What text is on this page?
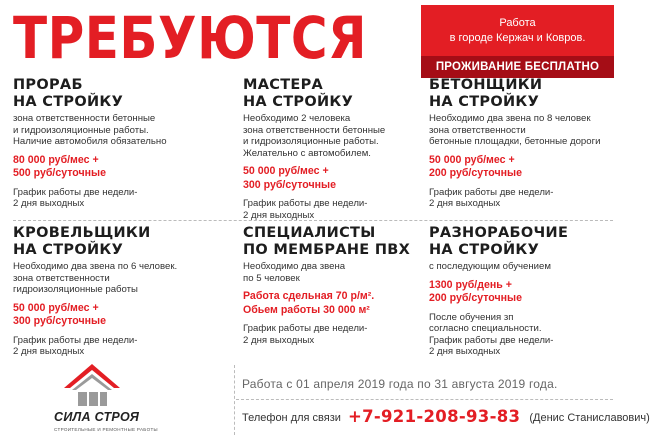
ТРЕБУЮТСЯ	Работа
в городе Кержач и Ковров.
ПРОЖИВАНИЕ БЕСПЛАТНО
ПРОРАБ
НА СТРОЙКУ

зона ответственности бетонные
и гидроизоляционные работы.
Наличие автомобиля обязательно

80 000 руб/мес +
500 руб/суточные

График работы две недели-
2 дня выходных

МАСТЕРА
НА СТРОЙКУ

Необходимо 2 человека
зона ответственности бетонные
и гидроизоляционные работы.
Желательно с автомобилем.

50 000 руб/мес +
300 руб/суточные

График работы две недели-
2 дня выходных

БЕТОНЩИКИ
НА СТРОЙКУ

Необходимо два звена по 8 человек
зона ответственности
бетонные площадки, бетонные дороги

50 000 руб/мес +
200 руб/суточные

График работы две недели-
2 дня выходных

КРОВЕЛЬЩИКИ
НА СТРОЙКУ

Необходимо два звена по 6 человек.
зона ответственности
гидроизоляционные работы

50 000 руб/мес +
300 руб/суточные

График работы две недели-
2 дня выходных

СПЕЦИАЛИСТЫ
ПО МЕМБРАНЕ ПВХ

Необходимо два звена
по 5 человек

Работа сдельная 70 р/м².
Обьем работы 30 000 м²

График работы две недели-
2 дня выходных

РАЗНОРАБОЧИЕ
НА СТРОЙКУ

с последующим обучением

1300 руб/день +
200 руб/суточные

После обучения зп
согласно специальности.
График работы две недели-
2 дня выходных

Работа с 01 апреля 2019 года по 31 августа 2019 года.
Телефон для связи +7-921-208-93-83 (Денис Станиславович)
СИЛА СТРОЯ
СТРОИТЕЛЬНЫЕ И РЕМОНТНЫЕ РАБОТЫ
